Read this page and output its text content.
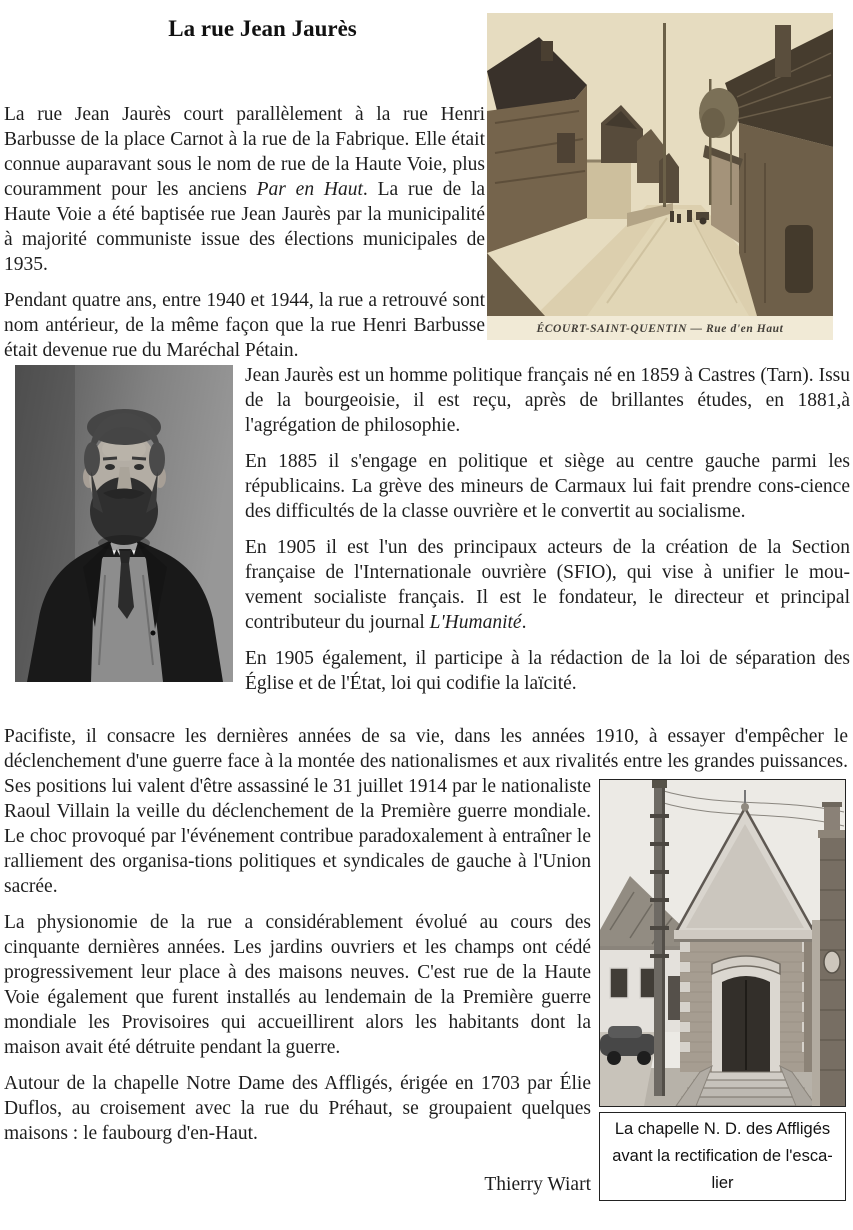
ÉCOURT-SAINT-QUENTIN — Rue d'en Haut
La rue Jean Jaurès

La rue Jean Jaurès court parallèlement à la rue Henri Barbusse de la place Carnot à la rue de la Fabrique. Elle était connue auparavant sous le nom de rue de la Haute Voie, plus couramment pour les anciens Par en Haut. La rue de la Haute Voie a été baptisée rue Jean Jaurès par la municipalité à majorité communiste issue des élections municipales de 1935.

Pendant quatre ans, entre 1940 et 1944, la rue a retrouvé sont nom antérieur, de la même façon que la rue Henri Barbusse était devenue rue du Maréchal Pétain.

Jean Jaurès est un homme politique français né en 1859 à Castres (Tarn). Issu de la bourgeoisie, il est reçu, après de brillantes études, en 1881,à l'agrégation de philosophie.

En 1885 il s'engage en politique et siège au centre gauche parmi les républicains. La grève des mineurs de Carmaux lui fait prendre cons-cience des difficultés de la classe ouvrière et le convertit au socialisme.

En 1905 il est l'un des principaux acteurs de la création de la Section française de l'Internationale ouvrière (SFIO), qui vise à unifier le mou-vement socialiste français. Il est le fondateur, le directeur et principal contributeur du journal L'Humanité.

En 1905 également, il participe à la rédaction de la loi de séparation des Église et de l'État, loi qui codifie la laïcité.

La chapelle N. D. des Affligés
avant la rectification de l'esca-
lier

Pacifiste, il consacre les dernières années de sa vie, dans les années 1910, à essayer d'empêcher le déclenchement d'une guerre face à la montée des nationalismes et aux rivalités entre les grandes puissances. Ses positions lui valent d'être assassiné le 31 juillet 1914 par le nationaliste Raoul Villain la veille du déclenchement de la Première guerre mondiale. Le choc provoqué par l'événement contribue paradoxalement à entraîner le ralliement des organisa-tions politiques et syndicales de gauche à l'Union sacrée.

La physionomie de la rue a considérablement évolué au cours des cinquante dernières années. Les jardins ouvriers et les champs ont cédé progressivement leur place à des maisons neuves. C'est rue de la Haute Voie également que furent installés au lendemain de la Première guerre mondiale les Provisoires qui accueillirent alors les habitants dont la maison avait été détruite pendant la guerre.

Autour de la chapelle Notre Dame des Affligés, érigée en 1703 par Élie Duflos, au croisement avec la rue du Préhaut, se groupaient quelques maisons : le faubourg d'en-Haut.

Thierry Wiart
